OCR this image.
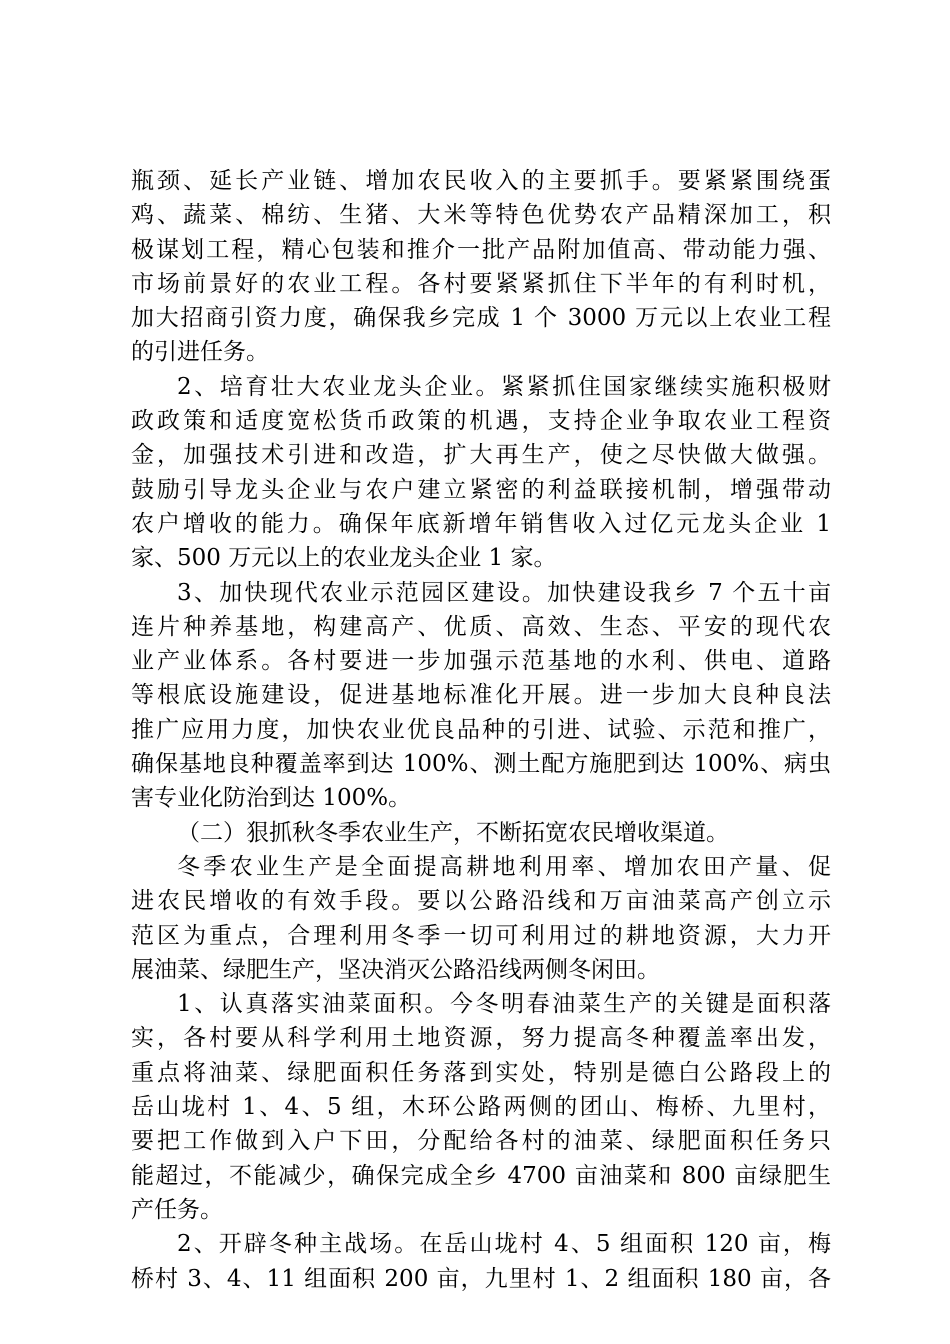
瓶颈、延长产业链、增加农民收入的主要抓手。要紧紧围绕蛋
鸡、蔬菜、棉纺、生猪、大米等特色优势农产品精深加工，积
极谋划工程，精心包装和推介一批产品附加值高、带动能力强、
市场前景好的农业工程。各村要紧紧抓住下半年的有利时机，
加大招商引资力度，确保我乡完成 1 个 3000 万元以上农业工程
的引进任务。
2、培育壮大农业龙头企业。紧紧抓住国家继续实施积极财
政政策和适度宽松货币政策的机遇，支持企业争取农业工程资
金，加强技术引进和改造，扩大再生产，使之尽快做大做强。
鼓励引导龙头企业与农户建立紧密的利益联接机制，增强带动
农户增收的能力。确保年底新增年销售收入过亿元龙头企业 1
家、500 万元以上的农业龙头企业 1 家。
3、加快现代农业示范园区建设。加快建设我乡 7 个五十亩
连片种养基地，构建高产、优质、高效、生态、平安的现代农
业产业体系。各村要进一步加强示范基地的水利、供电、道路
等根底设施建设，促进基地标准化开展。进一步加大良种良法
推广应用力度，加快农业优良品种的引进、试验、示范和推广，
确保基地良种覆盖率到达 100%、测土配方施肥到达 100%、病虫
害专业化防治到达 100%。
（二）狠抓秋冬季农业生产，不断拓宽农民增收渠道。
冬季农业生产是全面提高耕地利用率、增加农田产量、促
进农民增收的有效手段。要以公路沿线和万亩油菜高产创立示
范区为重点，合理利用冬季一切可利用过的耕地资源，大力开
展油菜、绿肥生产，坚决消灭公路沿线两侧冬闲田。
1、认真落实油菜面积。今冬明春油菜生产的关键是面积落
实，各村要从科学利用土地资源，努力提高冬种覆盖率出发，
重点将油菜、绿肥面积任务落到实处，特别是德白公路段上的
岳山垅村 1、4、5 组，木环公路两侧的团山、梅桥、九里村，
要把工作做到入户下田，分配给各村的油菜、绿肥面积任务只
能超过，不能减少，确保完成全乡 4700 亩油菜和 800 亩绿肥生
产任务。
2、开辟冬种主战场。在岳山垅村 4、5 组面积 120 亩，梅
桥村 3、4、11 组面积 200 亩，九里村 1、2 组面积 180 亩，各
